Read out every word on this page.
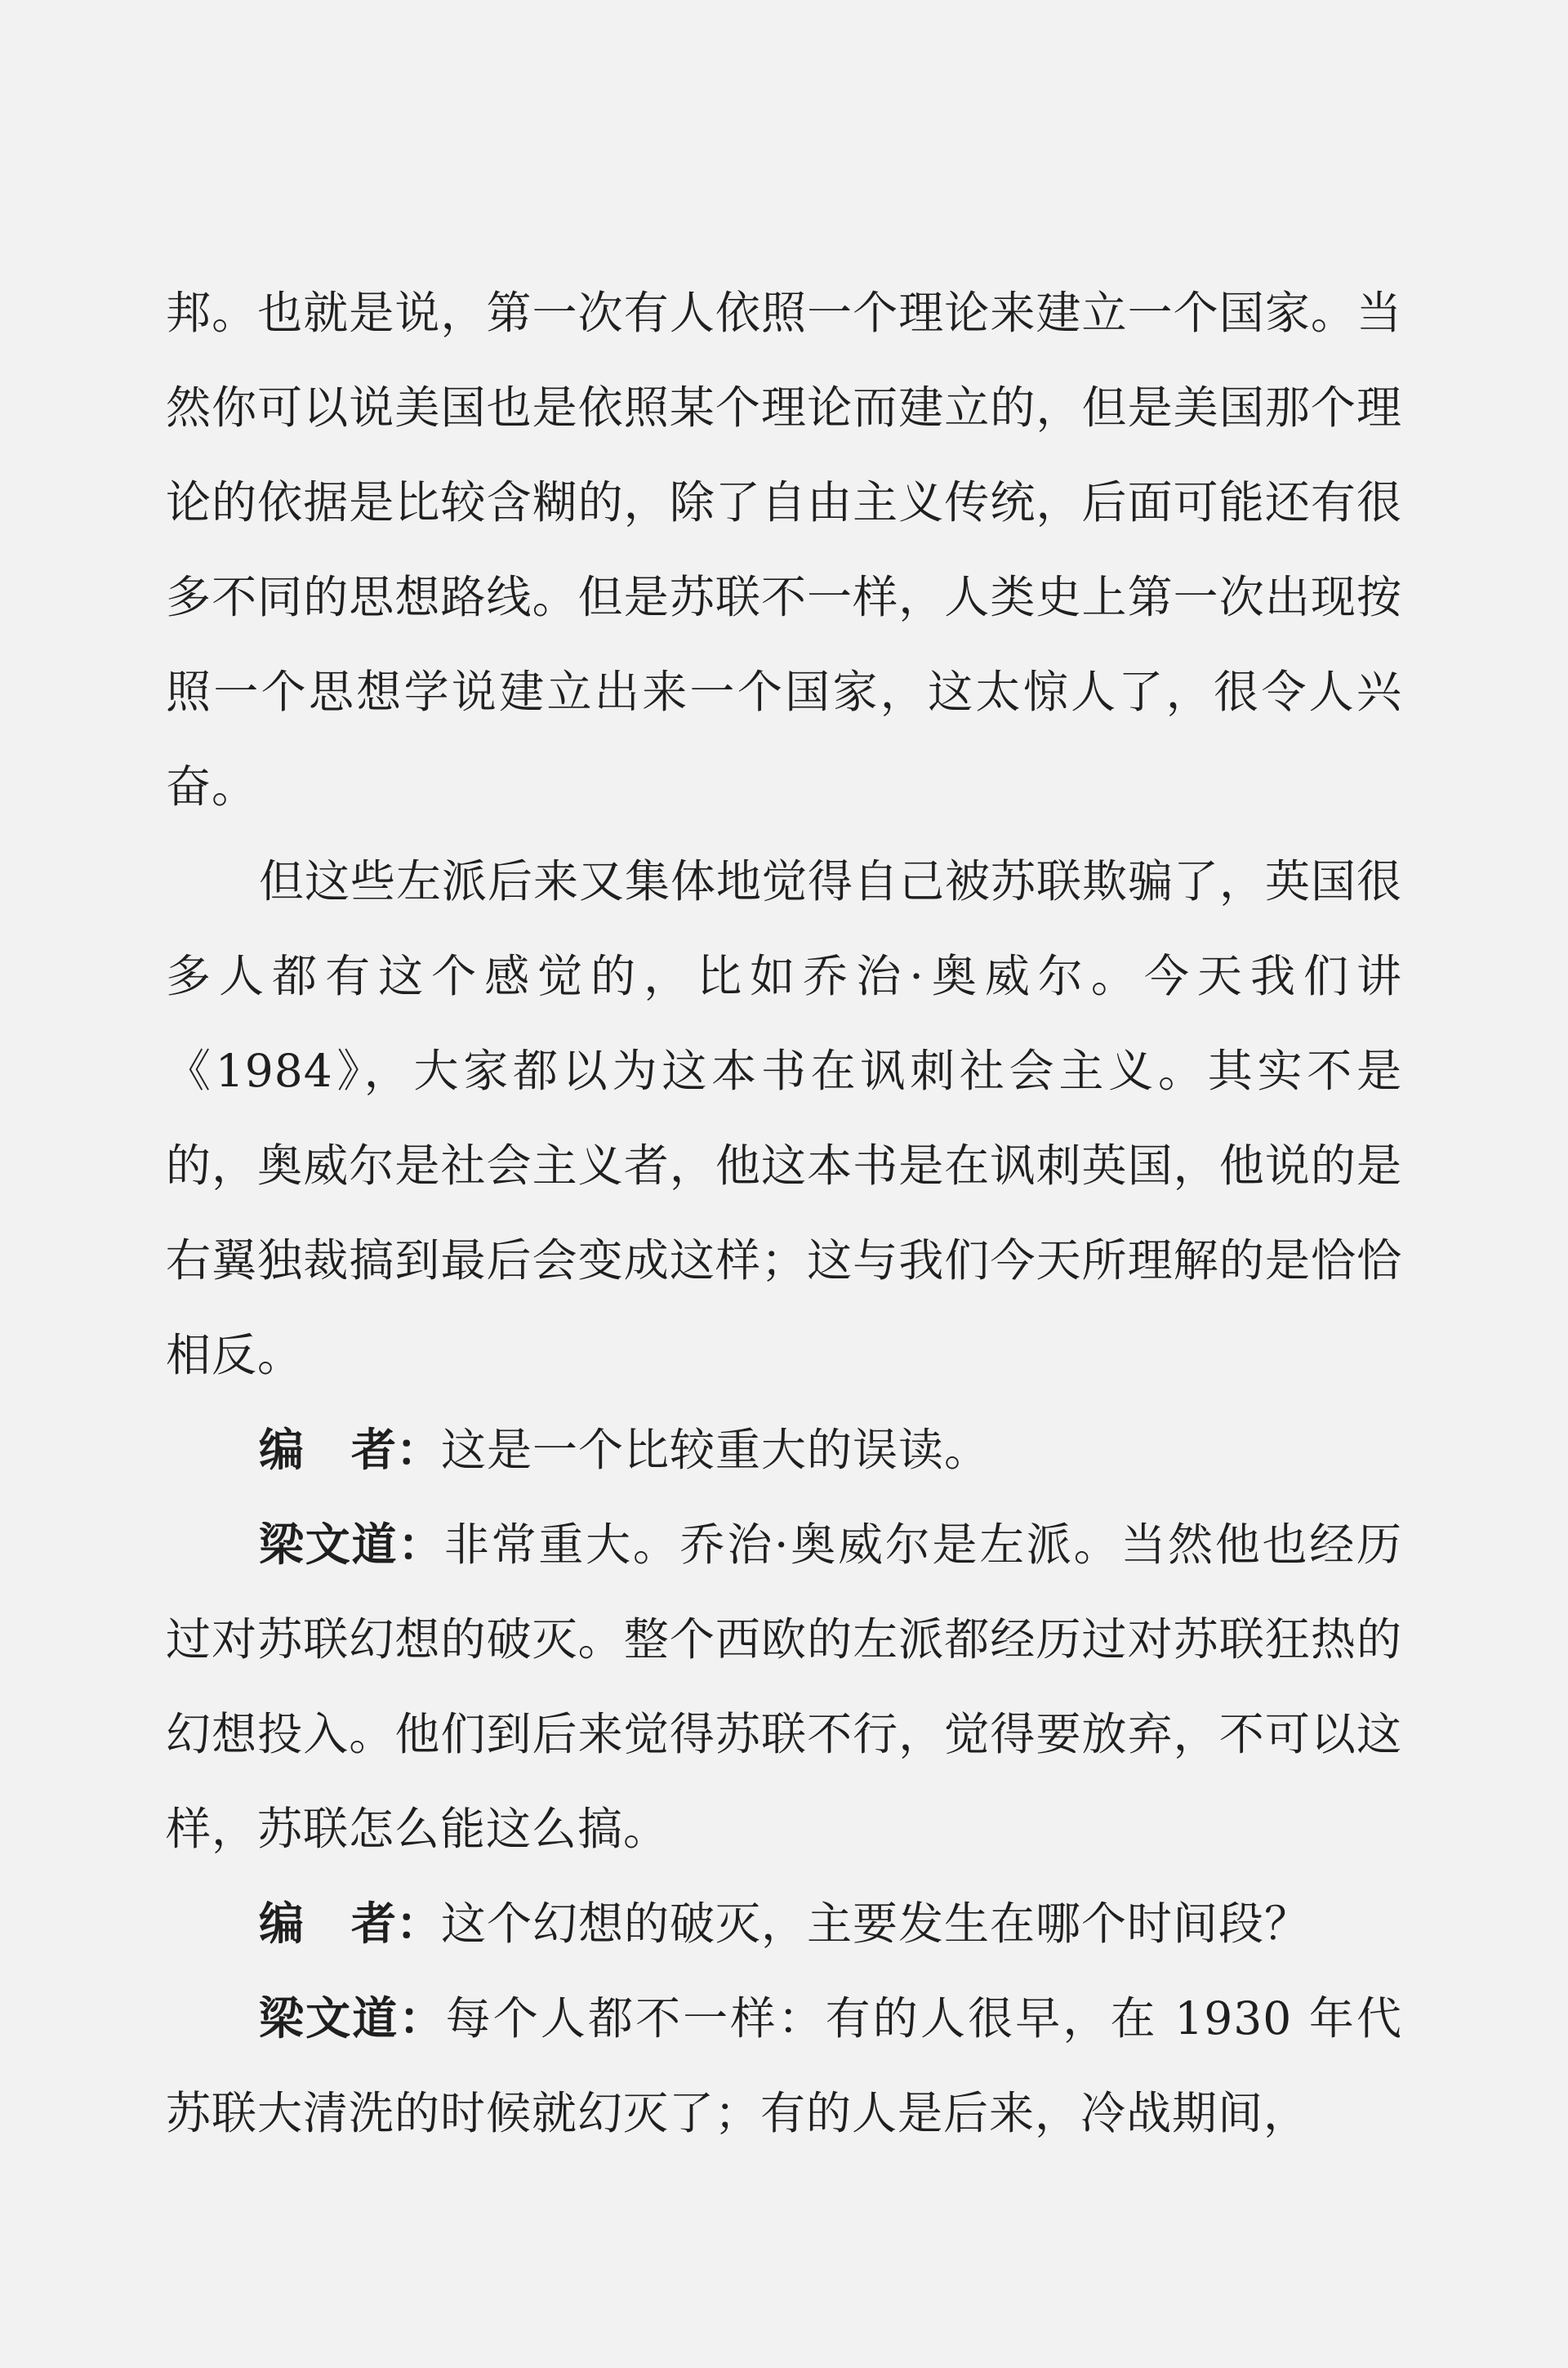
邦。也就是说，第一次有人依照一个理论来建立一个国家。当然你可以说美国也是依照某个理论而建立的，但是美国那个理论的依据是比较含糊的，除了自由主义传统，后面可能还有很多不同的思想路线。但是苏联不一样，人类史上第一次出现按照一个思想学说建立出来一个国家，这太惊人了，很令人兴奋。

但这些左派后来又集体地觉得自己被苏联欺骗了，英国很多人都有这个感觉的，比如乔治·奥威尔。今天我们讲《1984》，大家都以为这本书在讽刺社会主义。其实不是的，奥威尔是社会主义者，他这本书是在讽刺英国，他说的是右翼独裁搞到最后会变成这样；这与我们今天所理解的是恰恰相反。

编 者：这是一个比较重大的误读。

梁文道：非常重大。乔治·奥威尔是左派。当然他也经历过对苏联幻想的破灭。整个西欧的左派都经历过对苏联狂热的幻想投入。他们到后来觉得苏联不行，觉得要放弃，不可以这样，苏联怎么能这么搞。

编 者：这个幻想的破灭，主要发生在哪个时间段？

梁文道：每个人都不一样：有的人很早，在 1930 年代苏联大清洗的时候就幻灭了；有的人是后来，冷战期间，
